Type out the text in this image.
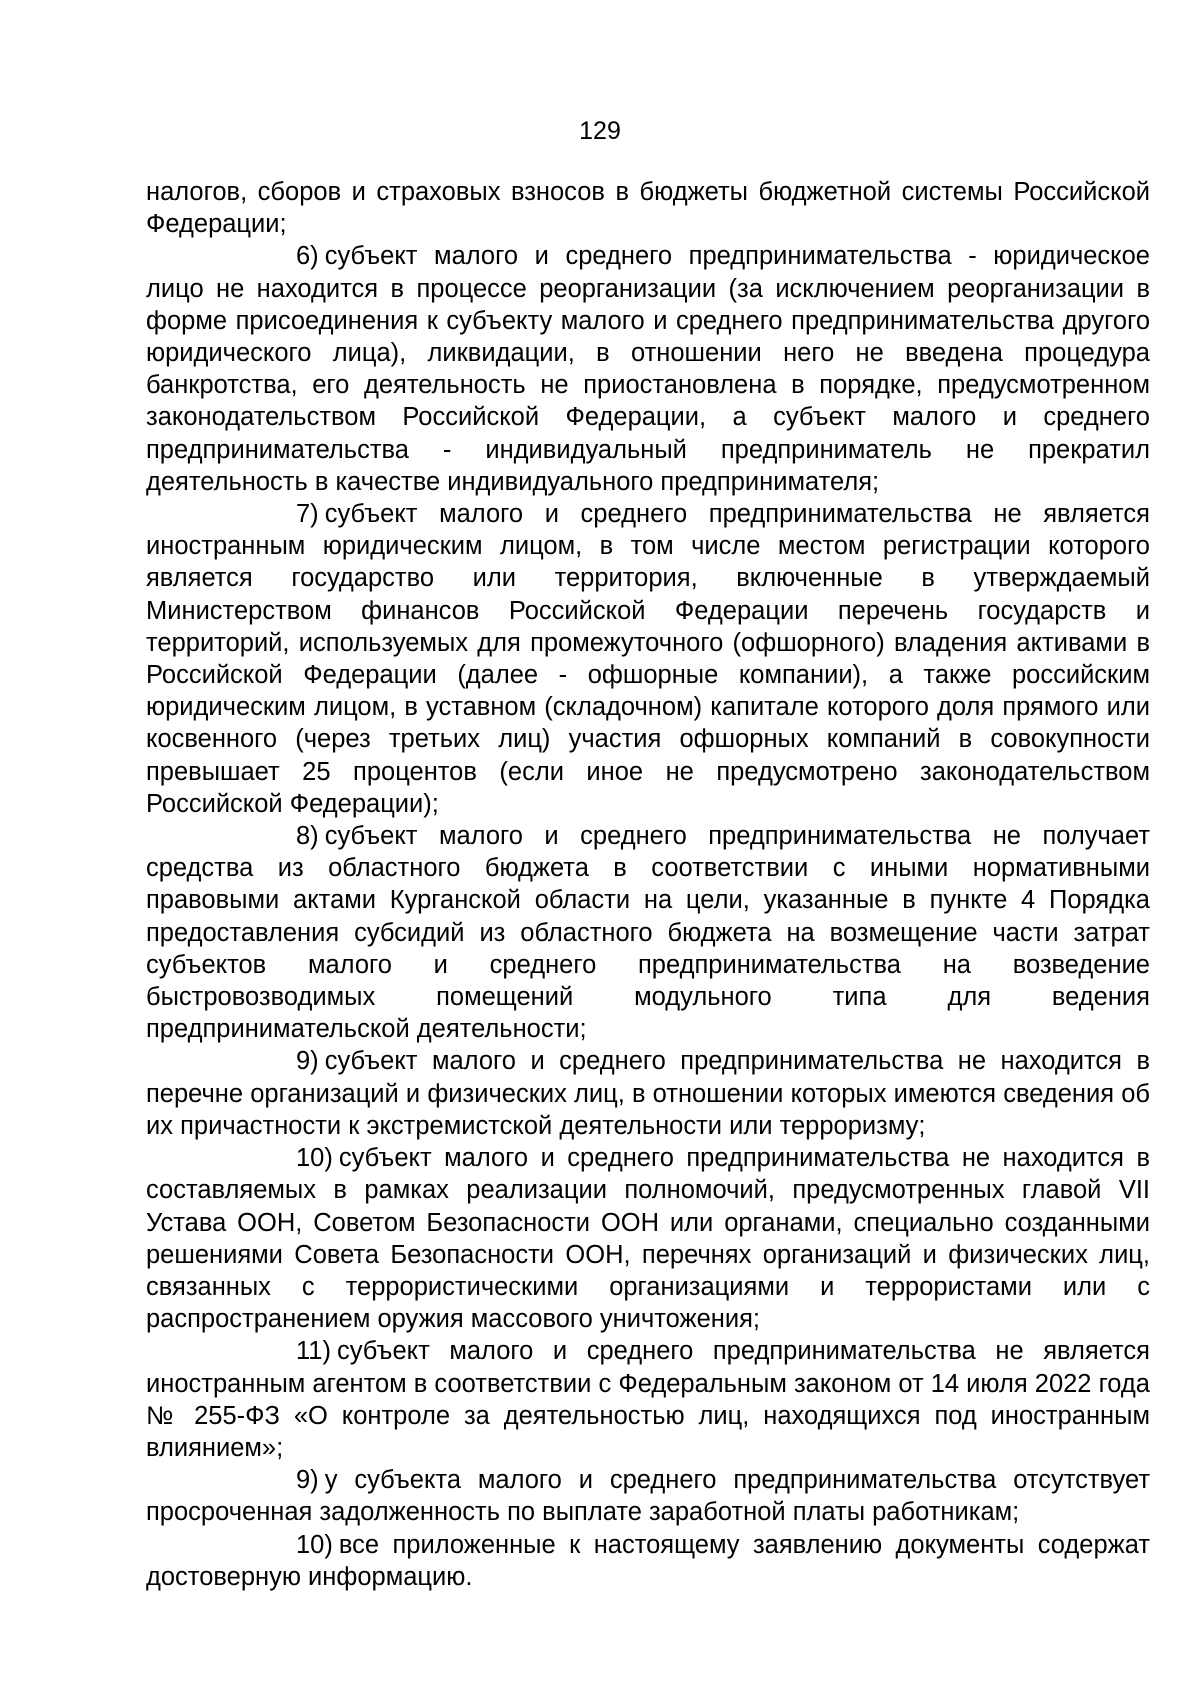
129

налогов, сборов и страховых взносов в бюджеты бюджетной системы Российской Федерации;

6) субъект малого и среднего предпринимательства - юридическое лицо не находится в процессе реорганизации (за исключением реорганизации в форме присоединения к субъекту малого и среднего предпринимательства другого юридического лица), ликвидации, в отношении него не введена процедура банкротства, его деятельность не приостановлена в порядке, предусмотренном законодательством Российской Федерации, а субъект малого и среднего предпринимательства - индивидуальный предприниматель не прекратил деятельность в качестве индивидуального предпринимателя;

7) субъект малого и среднего предпринимательства не является иностранным юридическим лицом, в том числе местом регистрации которого является государство или территория, включенные в утверждаемый Министерством финансов Российской Федерации перечень государств и территорий, используемых для промежуточного (офшорного) владения активами в Российской Федерации (далее - офшорные компании), а также российским юридическим лицом, в уставном (складочном) капитале которого доля прямого или косвенного (через третьих лиц) участия офшорных компаний в совокупности превышает 25 процентов (если иное не предусмотрено законодательством Российской Федерации);

8) субъект малого и среднего предпринимательства не получает средства из областного бюджета в соответствии с иными нормативными правовыми актами Курганской области на цели, указанные в пункте 4 Порядка предоставления субсидий из областного бюджета на возмещение части затрат субъектов малого и среднего предпринимательства на возведение быстровозводимых помещений модульного типа для ведения предпринимательской деятельности;

9) субъект малого и среднего предпринимательства не находится в перечне организаций и физических лиц, в отношении которых имеются сведения об их причастности к экстремистской деятельности или терроризму;

10) субъект малого и среднего предпринимательства не находится в составляемых в рамках реализации полномочий, предусмотренных главой VII Устава ООН, Советом Безопасности ООН или органами, специально созданными решениями Совета Безопасности ООН, перечнях организаций и физических лиц, связанных с террористическими организациями и террористами или с распространением оружия массового уничтожения;

11) субъект малого и среднего предпринимательства не является иностранным агентом в соответствии с Федеральным законом от 14 июля 2022 года № 255-ФЗ «О контроле за деятельностью лиц, находящихся под иностранным влиянием»;

9) у субъекта малого и среднего предпринимательства отсутствует просроченная задолженность по выплате заработной платы работникам;

10) все приложенные к настоящему заявлению документы содержат достоверную информацию.
